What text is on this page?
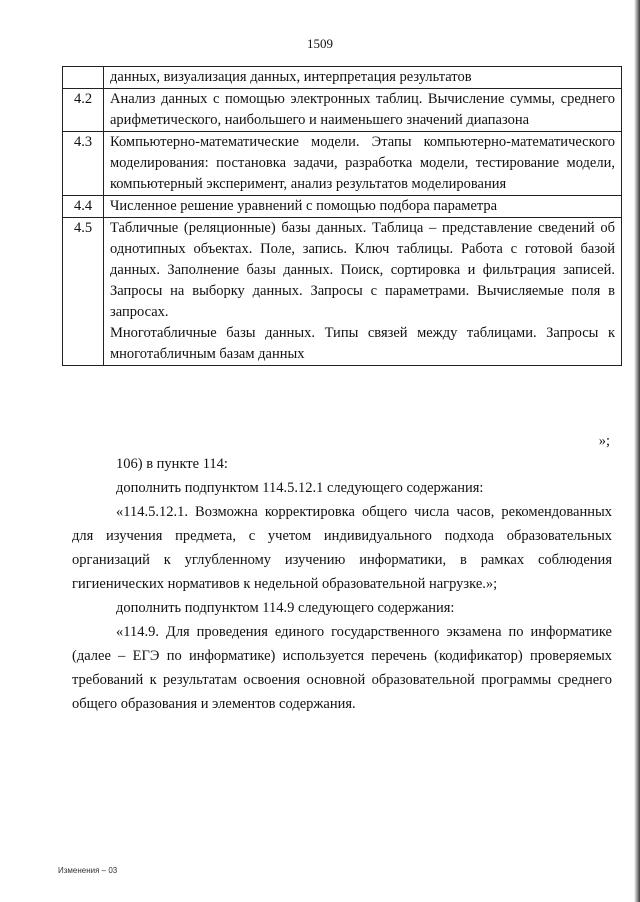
1509

	данных, визуализация данных, интерпретация результатов

4.2	Анализ данных с помощью электронных таблиц. Вычисление суммы, среднего арифметического, наибольшего и наименьшего значений диапазона

4.3	Компьютерно-математические модели. Этапы компьютерно-математического моделирования: постановка задачи, разработка модели, тестирование модели, компьютерный эксперимент, анализ результатов моделирования

4.4	Численное решение уравнений с помощью подбора параметра

4.5	Табличные (реляционные) базы данных. Таблица – представление сведений об однотипных объектах. Поле, запись. Ключ таблицы. Работа с готовой базой данных. Заполнение базы данных. Поиск, сортировка и фильтрация записей. Запросы на выборку данных. Запросы с параметрами. Вычисляемые поля в запросах.

Многотабличные базы данных. Типы связей между таблицами. Запросы к многотабличным базам данных

»;

106) в пункте 114:

дополнить подпунктом 114.5.12.1 следующего содержания:

«114.5.12.1. Возможна корректировка общего числа часов, рекомендованных для изучения предмета, с учетом индивидуального подхода образовательных организаций к углубленному изучению информатики, в рамках соблюдения гигиенических нормативов к недельной образовательной нагрузке.»;

дополнить подпунктом 114.9 следующего содержания:

«114.9. Для проведения единого государственного экзамена по информатике (далее – ЕГЭ по информатике) используется перечень (кодификатор) проверяемых требований к результатам освоения основной образовательной программы среднего общего образования и элементов содержания.

Изменения – 03
